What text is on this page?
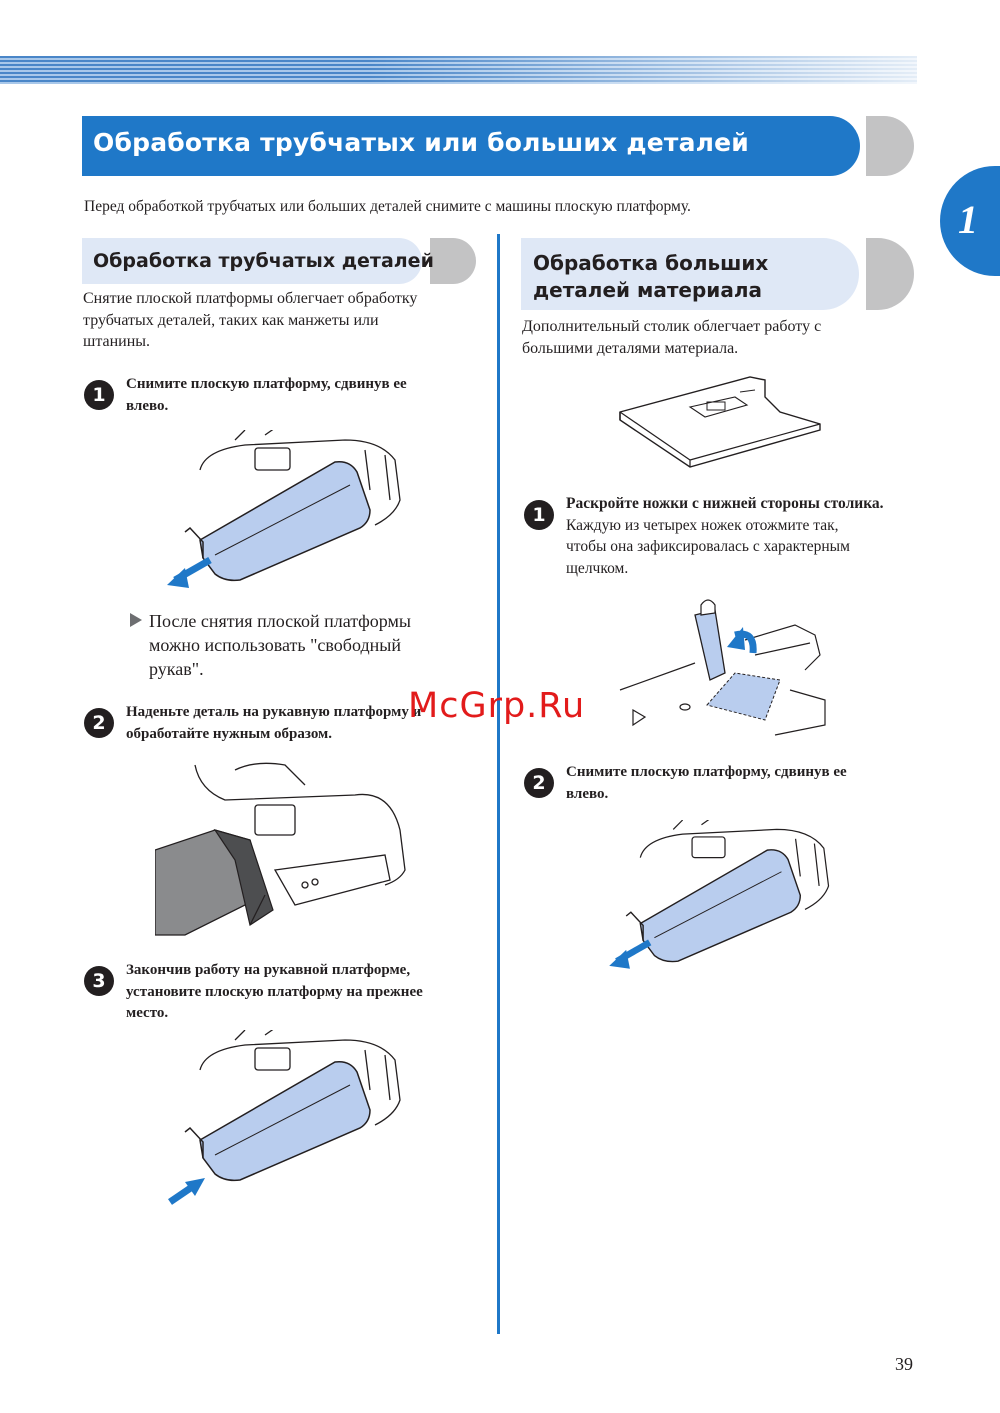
1
Обработка трубчатых или больших деталей
Перед обработкой трубчатых или больших деталей снимите с машины плоскую платформу.
Обработка трубчатых деталей
Снятие плоской платформы облегчает обработку
трубчатых деталей, таких как манжеты или
штанины.
1	Снимите плоскую платформу, сдвинув ее
влево.
После снятия плоской платформы
можно использовать "свободный
рукав".
2	Наденьте деталь на рукавную платформу и
обработайте нужным образом.
3	Закончив работу на рукавной платформе,
установите плоскую платформу на прежнее
место.
Обработка больших
деталей материала
Дополнительный столик облегчает работу с
большими деталями материала.
1
Раскройте ножки с нижней стороны столика.
Каждую из четырех ножек отожмите так,
чтобы она зафиксировалась с характерным
щелчком.
2	Снимите плоскую платформу, сдвинув ее
влево.
McGrp.Ru
39
